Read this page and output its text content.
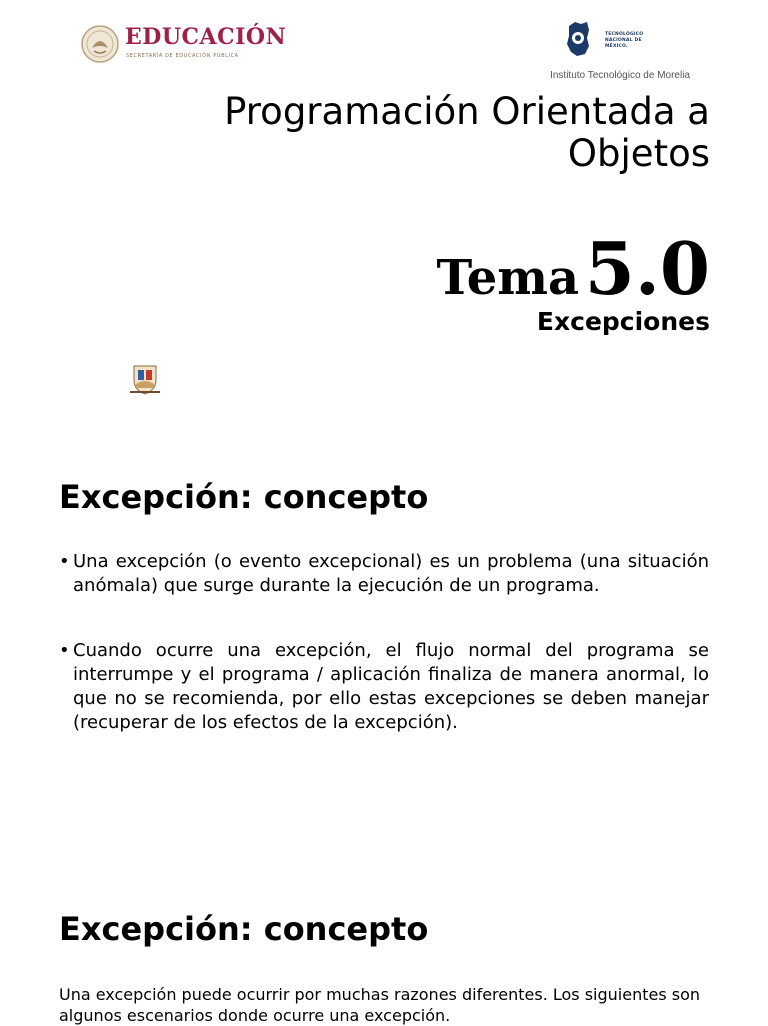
EDUCACIÓN
SECRETARÍA DE EDUCACIÓN PÚBLICA
TECNOLÓGICO NACIONAL DE MÉXICO.
Instituto Tecnológico de Morelia
Programación Orientada a Objetos
Tema 5.0
Excepciones
Excepción: concepto
• Una excepción (o evento excepcional) es un problema (una situación anómala) que surge durante la ejecución de un programa.
• Cuando ocurre una excepción, el flujo normal del programa se interrumpe y el programa / aplicación finaliza de manera anormal, lo que no se recomienda, por ello estas excepciones se deben manejar (recuperar de los efectos de la excepción).
Excepción: concepto
Una excepción puede ocurrir por muchas razones diferentes. Los siguientes son algunos escenarios donde ocurre una excepción.
